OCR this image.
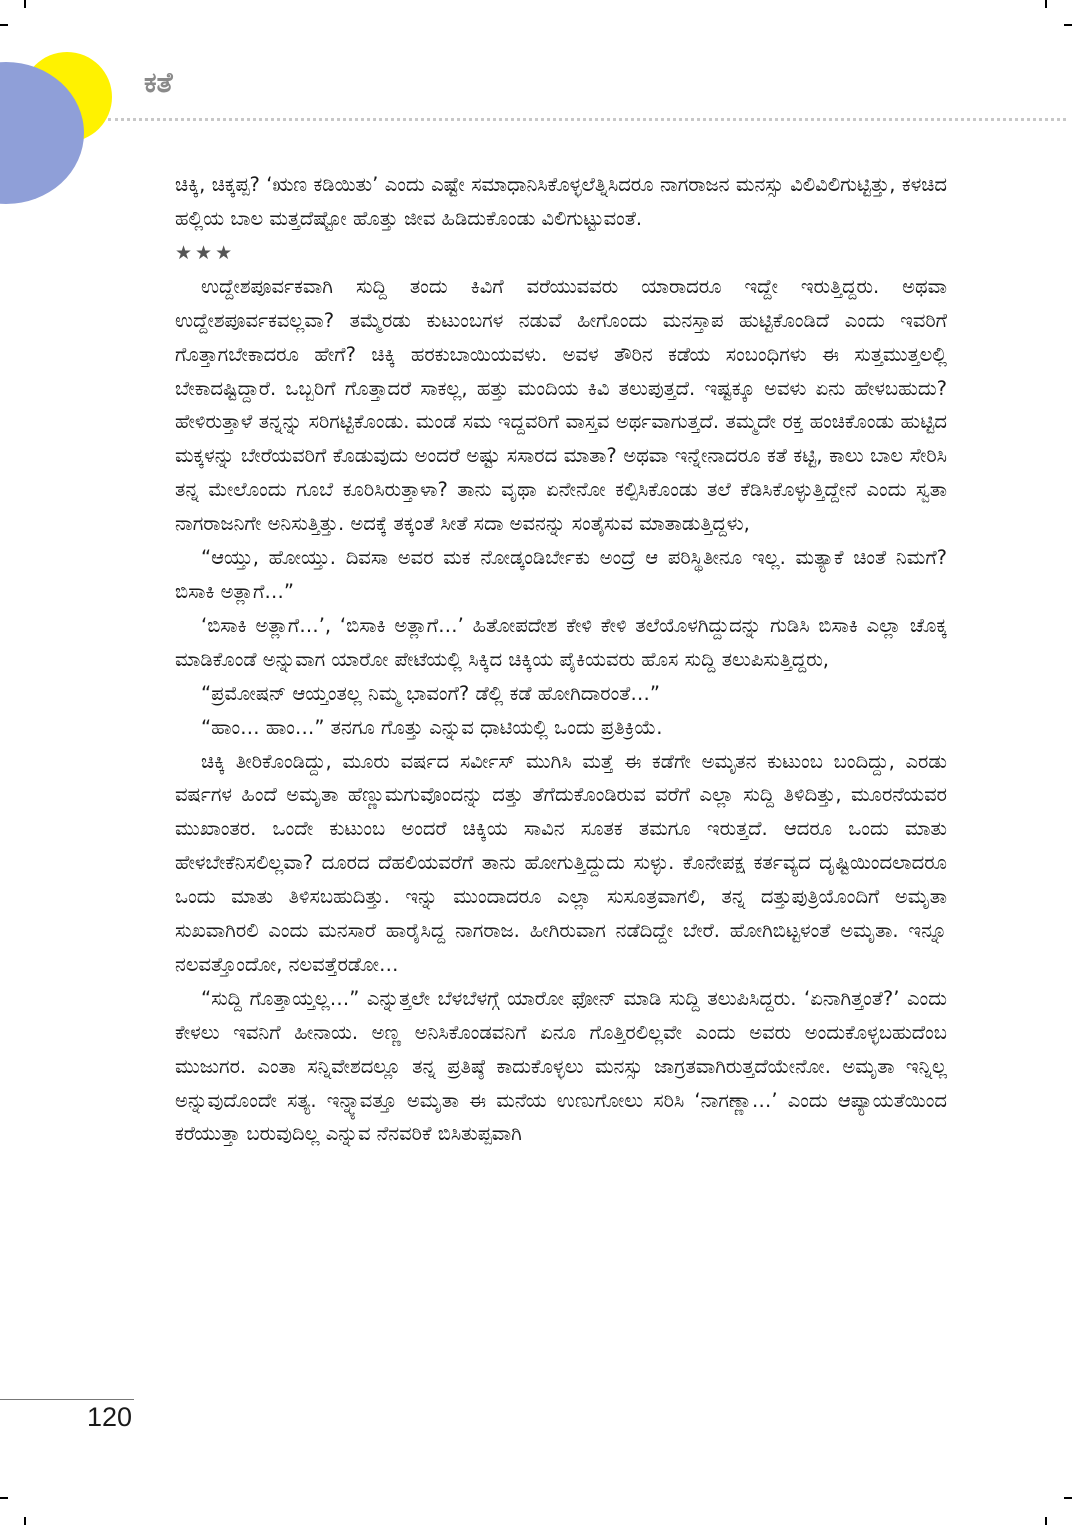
ಕತೆ

ಚಿಕ್ಕಿ, ಚಿಕ್ಕಪ್ಪ? ‘ಋಣ ಕಡಿಯಿತು’ ಎಂದು ಎಷ್ಟೇ ಸಮಾಧಾನಿಸಿಕೊಳ್ಳಲೆತ್ನಿಸಿದರೂ ನಾಗರಾಜನ ಮನಸ್ಸು ವಿಲಿವಿಲಿಗುಟ್ಟಿತ್ತು, ಕಳಚಿದ ಹಲ್ಲಿಯ ಬಾಲ ಮತ್ತದೆಷ್ಟೋ ಹೊತ್ತು ಜೀವ ಹಿಡಿದುಕೊಂಡು ವಿಲಿಗುಟ್ಟುವಂತೆ.

★★★

ಉದ್ದೇಶಪೂರ್ವಕವಾಗಿ ಸುದ್ದಿ ತಂದು ಕಿವಿಗೆ ವರೆಯುವವರು ಯಾರಾದರೂ ಇದ್ದೇ ಇರುತ್ತಿದ್ದರು. ಅಥವಾ ಉದ್ದೇಶಪೂರ್ವಕವಲ್ಲವಾ? ತಮ್ಮೆರಡು ಕುಟುಂಬಗಳ ನಡುವೆ ಹೀಗೊಂದು ಮನಸ್ತಾಪ ಹುಟ್ಟಿಕೊಂಡಿದೆ ಎಂದು ಇವರಿಗೆ ಗೊತ್ತಾಗಬೇಕಾದರೂ ಹೇಗೆ? ಚಿಕ್ಕಿ ಹರಕುಬಾಯಿಯವಳು. ಅವಳ ತೌರಿನ ಕಡೆಯ ಸಂಬಂಧಿಗಳು ಈ ಸುತ್ತಮುತ್ತಲಲ್ಲಿ ಬೇಕಾದಷ್ಟಿದ್ದಾರೆ. ಒಬ್ಬರಿಗೆ ಗೊತ್ತಾದರೆ ಸಾಕಲ್ಲ, ಹತ್ತು ಮಂದಿಯ ಕಿವಿ ತಲುಪುತ್ತದೆ. ಇಷ್ಟಕ್ಕೂ ಅವಳು ಏನು ಹೇಳಬಹುದು? ಹೇಳಿರುತ್ತಾಳೆ ತನ್ನನ್ನು ಸರಿಗಟ್ಟಿಕೊಂಡು. ಮಂಡೆ ಸಮ ಇದ್ದವರಿಗೆ ವಾಸ್ತವ ಅರ್ಥವಾಗುತ್ತದೆ. ತಮ್ಮದೇ ರಕ್ತ ಹಂಚಿಕೊಂಡು ಹುಟ್ಟಿದ ಮಕ್ಕಳನ್ನು ಬೇರೆಯವರಿಗೆ ಕೊಡುವುದು ಅಂದರೆ ಅಷ್ಟು ಸಸಾರದ ಮಾತಾ? ಅಥವಾ ಇನ್ನೇನಾದರೂ ಕತೆ ಕಟ್ಟಿ, ಕಾಲು ಬಾಲ ಸೇರಿಸಿ ತನ್ನ ಮೇಲೊಂದು ಗೂಬೆ ಕೂರಿಸಿರುತ್ತಾಳಾ? ತಾನು ವೃಥಾ ಏನೇನೋ ಕಲ್ಪಿಸಿಕೊಂಡು ತಲೆ ಕೆಡಿಸಿಕೊಳ್ಳುತ್ತಿದ್ದೇನೆ ಎಂದು ಸ್ವತಾ ನಾಗರಾಜನಿಗೇ ಅನಿಸುತ್ತಿತ್ತು. ಅದಕ್ಕೆ ತಕ್ಕಂತೆ ಸೀತೆ ಸದಾ ಅವನನ್ನು ಸಂತೈಸುವ ಮಾತಾಡುತ್ತಿದ್ದಳು,

“ಆಯ್ತು, ಹೋಯ್ತು. ದಿವಸಾ ಅವರ ಮಕ ನೋಡ್ಕಂಡಿರ್ಬೇಕು ಅಂದ್ರೆ ಆ ಪರಿಸ್ಥಿತೀನೂ ಇಲ್ಲ. ಮತ್ಯಾಕೆ ಚಿಂತೆ ನಿಮಗೆ? ಬಿಸಾಕಿ ಅತ್ಲಾಗೆ…”

‘ಬಿಸಾಕಿ ಅತ್ಲಾಗೆ…’, ‘ಬಿಸಾಕಿ ಅತ್ಲಾಗೆ…’ ಹಿತೋಪದೇಶ ಕೇಳಿ ಕೇಳಿ ತಲೆಯೊಳಗಿದ್ದುದನ್ನು ಗುಡಿಸಿ ಬಿಸಾಕಿ ಎಲ್ಲಾ ಚೊಕ್ಕ ಮಾಡಿಕೊಂಡೆ ಅನ್ನುವಾಗ ಯಾರೋ ಪೇಟೆಯಲ್ಲಿ ಸಿಕ್ಕಿದ ಚಿಕ್ಕಿಯ ಪೈಕಿಯವರು ಹೊಸ ಸುದ್ದಿ ತಲುಪಿಸುತ್ತಿದ್ದರು,

“ಪ್ರಮೋಷನ್ ಆಯ್ತಂತಲ್ಲ ನಿಮ್ಮ ಭಾವಂಗೆ? ಡೆಲ್ಲಿ ಕಡೆ ಹೋಗಿದಾರಂತೆ…”

“ಹಾಂ… ಹಾಂ…” ತನಗೂ ಗೊತ್ತು ಎನ್ನುವ ಧಾಟಿಯಲ್ಲಿ ಒಂದು ಪ್ರತಿಕ್ರಿಯೆ.

ಚಿಕ್ಕಿ ತೀರಿಕೊಂಡಿದ್ದು, ಮೂರು ವರ್ಷದ ಸರ್ವೀಸ್ ಮುಗಿಸಿ ಮತ್ತೆ ಈ ಕಡೆಗೇ ಅಮೃತನ ಕುಟುಂಬ ಬಂದಿದ್ದು, ಎರಡು ವರ್ಷಗಳ ಹಿಂದೆ ಅಮೃತಾ ಹೆಣ್ಣುಮಗುವೊಂದನ್ನು ದತ್ತು ತೆಗೆದುಕೊಂಡಿರುವ ವರೆಗೆ ಎಲ್ಲಾ ಸುದ್ದಿ ತಿಳಿದಿತ್ತು, ಮೂರನೆಯವರ ಮುಖಾಂತರ. ಒಂದೇ ಕುಟುಂಬ ಅಂದರೆ ಚಿಕ್ಕಿಯ ಸಾವಿನ ಸೂತಕ ತಮಗೂ ಇರುತ್ತದೆ. ಆದರೂ ಒಂದು ಮಾತು ಹೇಳಬೇಕೆನಿಸಲಿಲ್ಲವಾ? ದೂರದ ದೆಹಲಿಯವರೆಗೆ ತಾನು ಹೋಗುತ್ತಿದ್ದುದು ಸುಳ್ಳು. ಕೊನೇಪಕ್ಷ ಕರ್ತವ್ಯದ ದೃಷ್ಟಿಯಿಂದಲಾದರೂ ಒಂದು ಮಾತು ತಿಳಿಸಬಹುದಿತ್ತು. ಇನ್ನು ಮುಂದಾದರೂ ಎಲ್ಲಾ ಸುಸೂತ್ರವಾಗಲಿ, ತನ್ನ ದತ್ತುಪುತ್ರಿಯೊಂದಿಗೆ ಅಮೃತಾ ಸುಖವಾಗಿರಲಿ ಎಂದು ಮನಸಾರೆ ಹಾರೈಸಿದ್ದ ನಾಗರಾಜ. ಹೀಗಿರುವಾಗ ನಡೆದಿದ್ದೇ ಬೇರೆ. ಹೋಗಿಬಿಟ್ಟಳಂತೆ ಅಮೃತಾ. ಇನ್ನೂ ನಲವತ್ತೊಂದೋ, ನಲವತ್ತೆರಡೋ…

“ಸುದ್ದಿ ಗೊತ್ತಾಯ್ತಲ್ಲ…” ಎನ್ನುತ್ತಲೇ ಬೆಳಬೆಳಗ್ಗೆ ಯಾರೋ ಫೋನ್ ಮಾಡಿ ಸುದ್ದಿ ತಲುಪಿಸಿದ್ದರು. ‘ಏನಾಗಿತ್ತಂತೆ?’ ಎಂದು ಕೇಳಲು ಇವನಿಗೆ ಹೀನಾಯ. ಅಣ್ಣ ಅನಿಸಿಕೊಂಡವನಿಗೆ ಏನೂ ಗೊತ್ತಿರಲಿಲ್ಲವೇ ಎಂದು ಅವರು ಅಂದುಕೊಳ್ಳಬಹುದೆಂಬ ಮುಜುಗರ. ಎಂತಾ ಸನ್ನಿವೇಶದಲ್ಲೂ ತನ್ನ ಪ್ರತಿಷ್ಠೆ ಕಾದುಕೊಳ್ಳಲು ಮನಸ್ಸು ಜಾಗ್ರತವಾಗಿರುತ್ತದೆಯೇನೋ. ಅಮೃತಾ ಇನ್ನಿಲ್ಲ ಅನ್ನುವುದೊಂದೇ ಸತ್ಯ. ಇನ್ನ್ಯಾವತ್ತೂ ಅಮೃತಾ ಈ ಮನೆಯ ಉಣುಗೋಲು ಸರಿಸಿ ‘ನಾಗಣ್ಣಾ…’ ಎಂದು ಆಪ್ಯಾಯತೆಯಿಂದ ಕರೆಯುತ್ತಾ ಬರುವುದಿಲ್ಲ ಎನ್ನುವ ನೆನವರಿಕೆ ಬಿಸಿತುಪ್ಪವಾಗಿ

120
